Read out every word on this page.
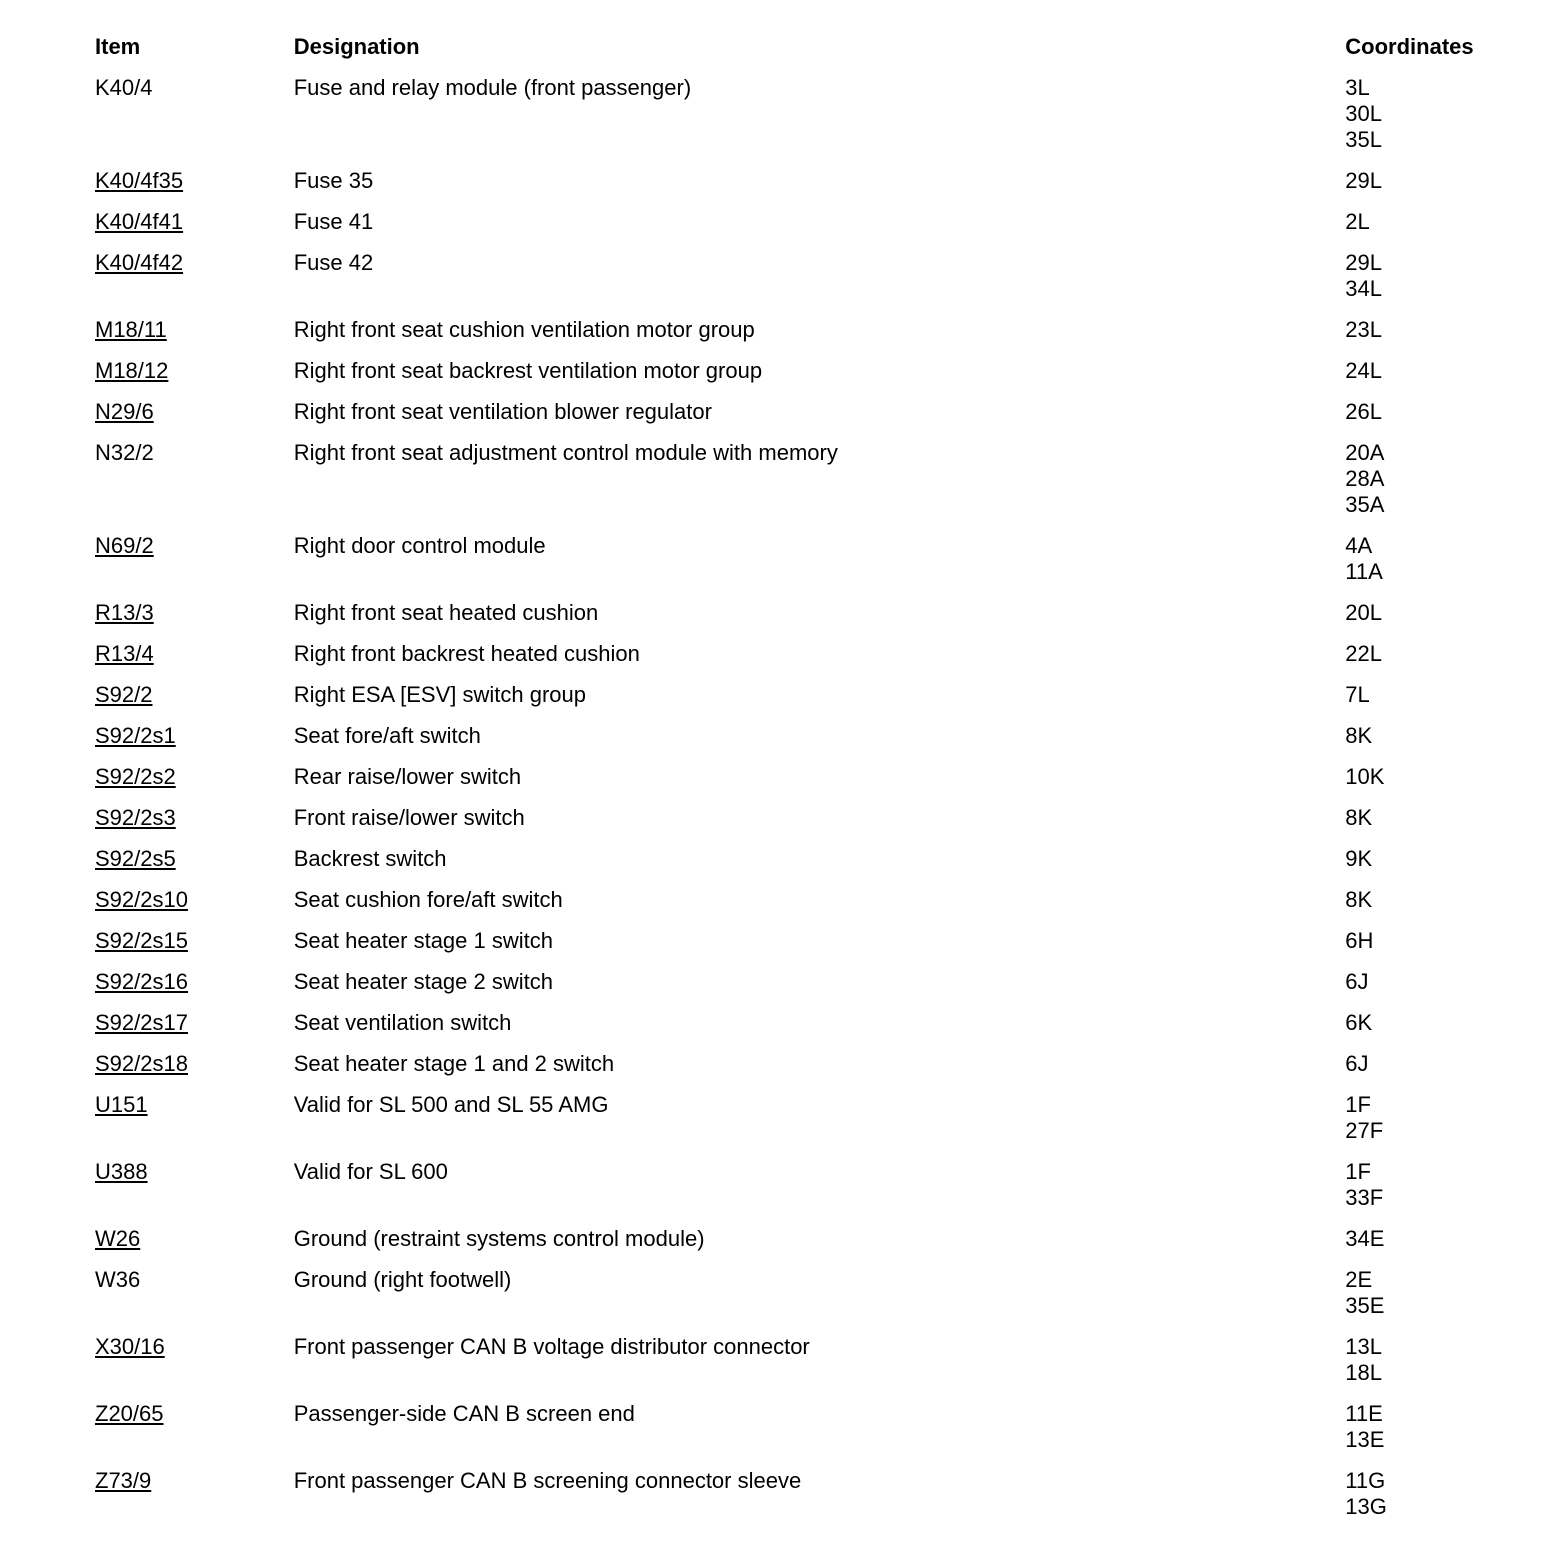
Item	Designation	Coordinates
K40/4	Fuse and relay module (front passenger)	3L
30L
35L
K40/4f35	Fuse 35	29L
K40/4f41	Fuse 41	2L
K40/4f42	Fuse 42	29L
34L
M18/11	Right front seat cushion ventilation motor group	23L
M18/12	Right front seat backrest ventilation motor group	24L
N29/6	Right front seat ventilation blower regulator	26L
N32/2	Right front seat adjustment control module with memory	20A
28A
35A
N69/2	Right door control module	4A
11A
R13/3	Right front seat heated cushion	20L
R13/4	Right front backrest heated cushion	22L
S92/2	Right ESA [ESV] switch group	7L
S92/2s1	Seat fore/aft switch	8K
S92/2s2	Rear raise/lower switch	10K
S92/2s3	Front raise/lower switch	8K
S92/2s5	Backrest switch	9K
S92/2s10	Seat cushion fore/aft switch	8K
S92/2s15	Seat heater stage 1 switch	6H
S92/2s16	Seat heater stage 2 switch	6J
S92/2s17	Seat ventilation switch	6K
S92/2s18	Seat heater stage 1 and 2 switch	6J
U151	Valid for SL 500 and SL 55 AMG	1F
27F
U388	Valid for SL 600	1F
33F
W26	Ground (restraint systems control module)	34E
W36	Ground (right footwell)	2E
35E
X30/16	Front passenger CAN B voltage distributor connector	13L
18L
Z20/65	Passenger-side CAN B screen end	11E
13E
Z73/9	Front passenger CAN B screening connector sleeve	11G
13G
